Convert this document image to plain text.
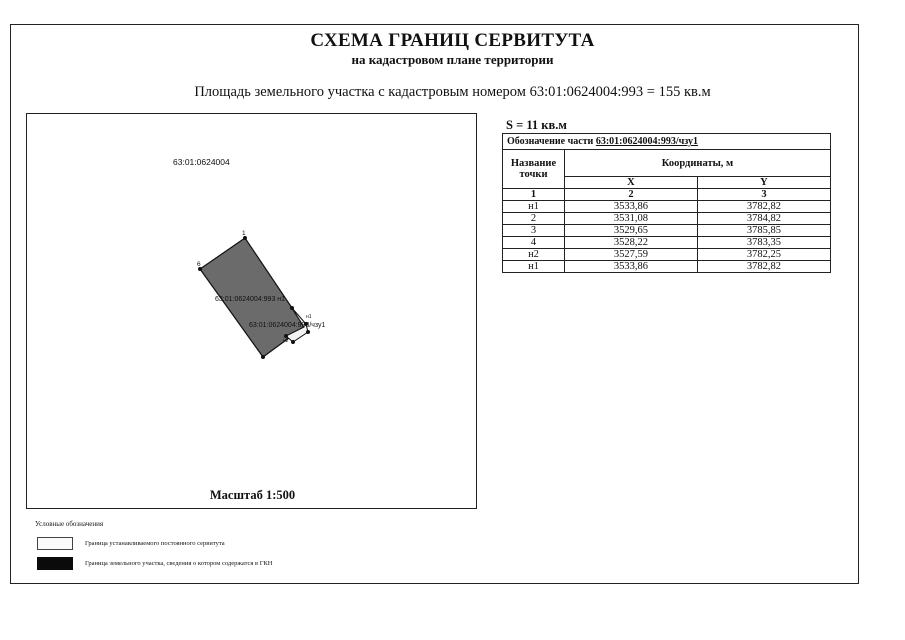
СХЕМА ГРАНИЦ СЕРВИТУТА
на кадастровом плане территории
Площадь земельного участка с кадастровым номером 63:01:0624004:993 = 155 кв.м
63:01:0624004
1
6
63:01:0624004:993 н1
63:01:0624004:993/чзу1
н2
н1
Масштаб 1:500
S = 11 кв.м
Обозначение части 63:01:0624004:993/чзу1		
Название точки	Координаты, м	
	X	Y
1	2	3
н1	3533,86	3782,82
2	3531,08	3784,82
3	3529,65	3785,85
4	3528,22	3783,35
н2	3527,59	3782,25
н1	3533,86	3782,82
Условные обозначения
Граница устанавливаемого постоянного сервитута
Граница земельного участка, сведения о котором содержатся в ГКН
